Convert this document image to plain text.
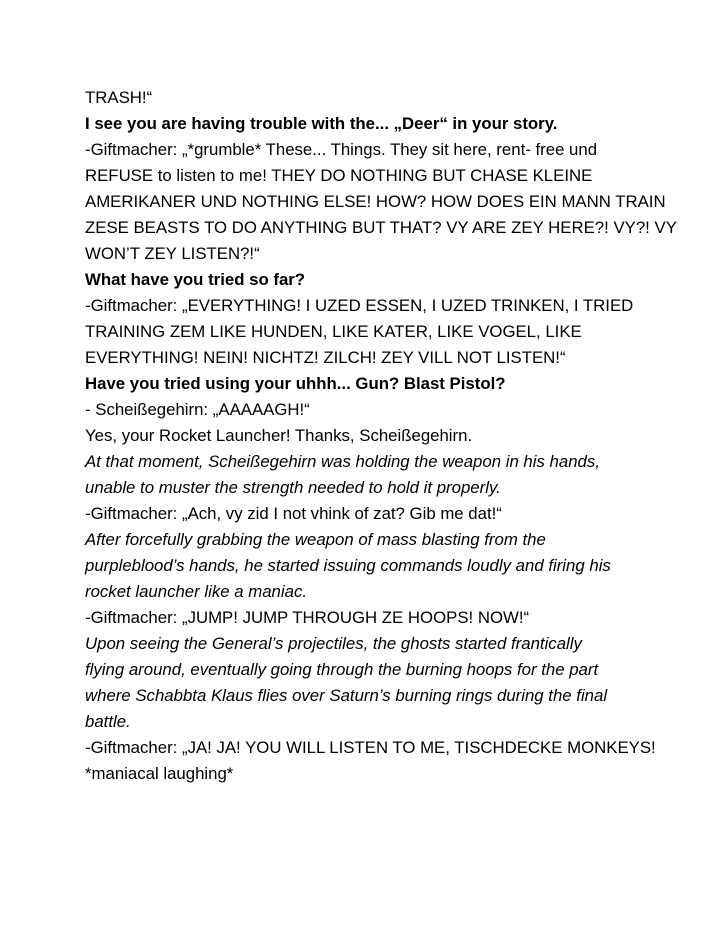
TRASH!“
I see you are having trouble with the... „Deer“ in your story.
-Giftmacher: „*grumble* These... Things. They sit here, rent- free und
REFUSE to listen to me! THEY DO NOTHING BUT CHASE KLEINE
AMERIKANER UND NOTHING ELSE! HOW? HOW DOES EIN MANN TRAIN
ZESE BEASTS TO DO ANYTHING BUT THAT? VY ARE ZEY HERE?! VY?! VY
WON’T ZEY LISTEN?!“
What have you tried so far?
-Giftmacher: „EVERYTHING! I UZED ESSEN, I UZED TRINKEN, I TRIED
TRAINING ZEM LIKE HUNDEN, LIKE KATER, LIKE VOGEL, LIKE
EVERYTHING! NEIN! NICHTZ! ZILCH! ZEY VILL NOT LISTEN!“
Have you tried using your uhhh... Gun? Blast Pistol?
- Scheißegehirn: „AAAAAGH!“
Yes, your Rocket Launcher! Thanks, Scheißegehirn.
At that moment, Scheißegehirn was holding the weapon in his hands,
unable to muster the strength needed to hold it properly.
-Giftmacher: „Ach, vy zid I not vhink of zat? Gib me dat!“
After forcefully grabbing the weapon of mass blasting from the
purpleblood’s hands, he started issuing commands loudly and firing his
rocket launcher like a maniac.
-Giftmacher: „JUMP! JUMP THROUGH ZE HOOPS! NOW!“
Upon seeing the General’s projectiles, the ghosts started frantically
flying around, eventually going through the burning hoops for the part
where Schabbta Klaus flies over Saturn’s burning rings during the final
battle.
-Giftmacher: „JA! JA! YOU WILL LISTEN TO ME, TISCHDECKE MONKEYS!
*maniacal laughing*
